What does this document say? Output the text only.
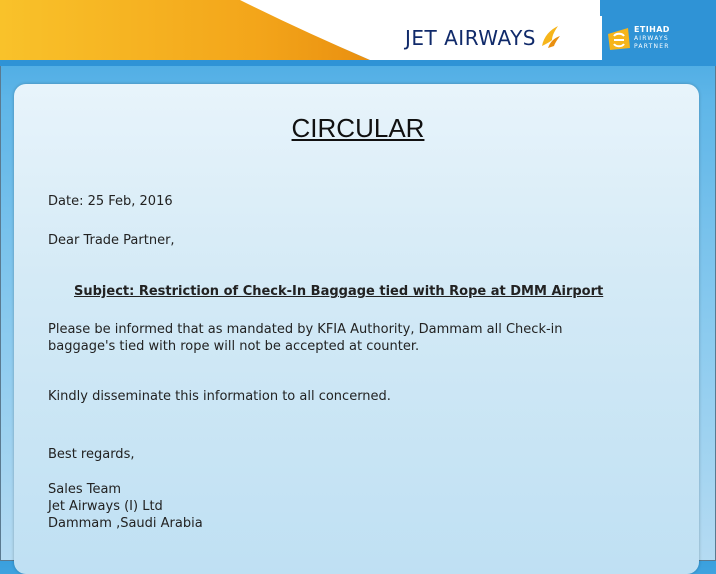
JET AIRWAYS	ETIHAD
AIRWAYS
PARTNER
CIRCULAR
Date: 25 Feb, 2016
Dear Trade Partner,
Subject: Restriction of Check-In Baggage tied with Rope at DMM Airport
Please be informed that as mandated by KFIA Authority, Dammam all Check-in
baggage's tied with rope will not be accepted at counter.
Kindly disseminate this information to all concerned.
Best regards,
Sales Team
Jet Airways (I) Ltd
Dammam ,Saudi Arabia
